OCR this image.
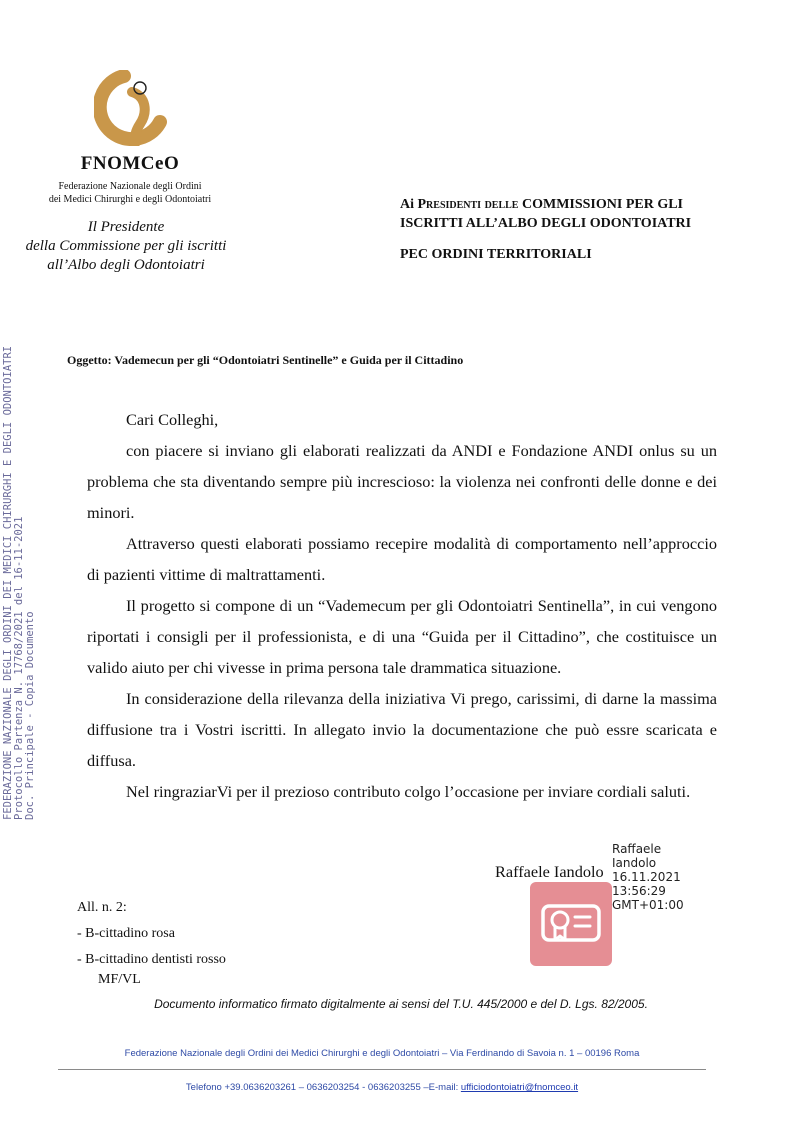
FNOMCeO
Federazione Nazionale degli Ordini
dei Medici Chirurghi e degli Odontoiatri
Il Presidente
della Commissione per gli iscritti
all’Albo degli Odontoiatri
Ai Presidenti delle COMMISSIONI PER GLI
ISCRITTI ALL’ALBO DEGLI ODONTOIATRI
PEC ORDINI TERRITORIALI
FEDERAZIONE NAZIONALE DEGLI ORDINI DEI MEDICI CHIRURGHI E DEGLI ODONTOIATRI Protocollo Partenza N. 17768/2021 del 16-11-2021 Doc. Principale - Copia Documento
Oggetto: Vademecun per gli “Odontoiatri Sentinelle” e Guida per il Cittadino

Cari Colleghi,

con piacere si inviano gli elaborati realizzati da ANDI e Fondazione ANDI onlus su un problema che sta diventando sempre più increscioso: la violenza nei confronti delle donne e dei minori.

Attraverso questi elaborati possiamo recepire modalità di comportamento nell’approccio di pazienti vittime di maltrattamenti.

Il progetto si compone di un “Vademecum per gli Odontoiatri Sentinella”, in cui vengono riportati i consigli per il professionista, e di una “Guida per il Cittadino”, che costituisce un valido aiuto per chi vivesse in prima persona tale drammatica situazione.

In considerazione della rilevanza della iniziativa Vi prego, carissimi, di darne la massima diffusione tra i Vostri iscritti. In allegato invio la documentazione che può essre scaricata e diffusa.

Nel ringraziarVi per il prezioso contributo colgo l’occasione per inviare cordiali saluti.

Raffaele Iandolo
Raffaele
Iandolo
16.11.2021
13:56:29
GMT+01:00
All. n. 2:
- B-cittadino rosa
- B-cittadino dentisti rosso
MF/VL
Documento informatico firmato digitalmente ai sensi del T.U. 445/2000 e del D. Lgs. 82/2005.
Federazione Nazionale degli Ordini dei Medici Chirurghi e degli Odontoiatri – Via Ferdinando di Savoia n. 1 – 00196 Roma
Telefono +39.0636203261 – 0636203254 - 0636203255 –E-mail: ufficiodontoiatri@fnomceo.it
